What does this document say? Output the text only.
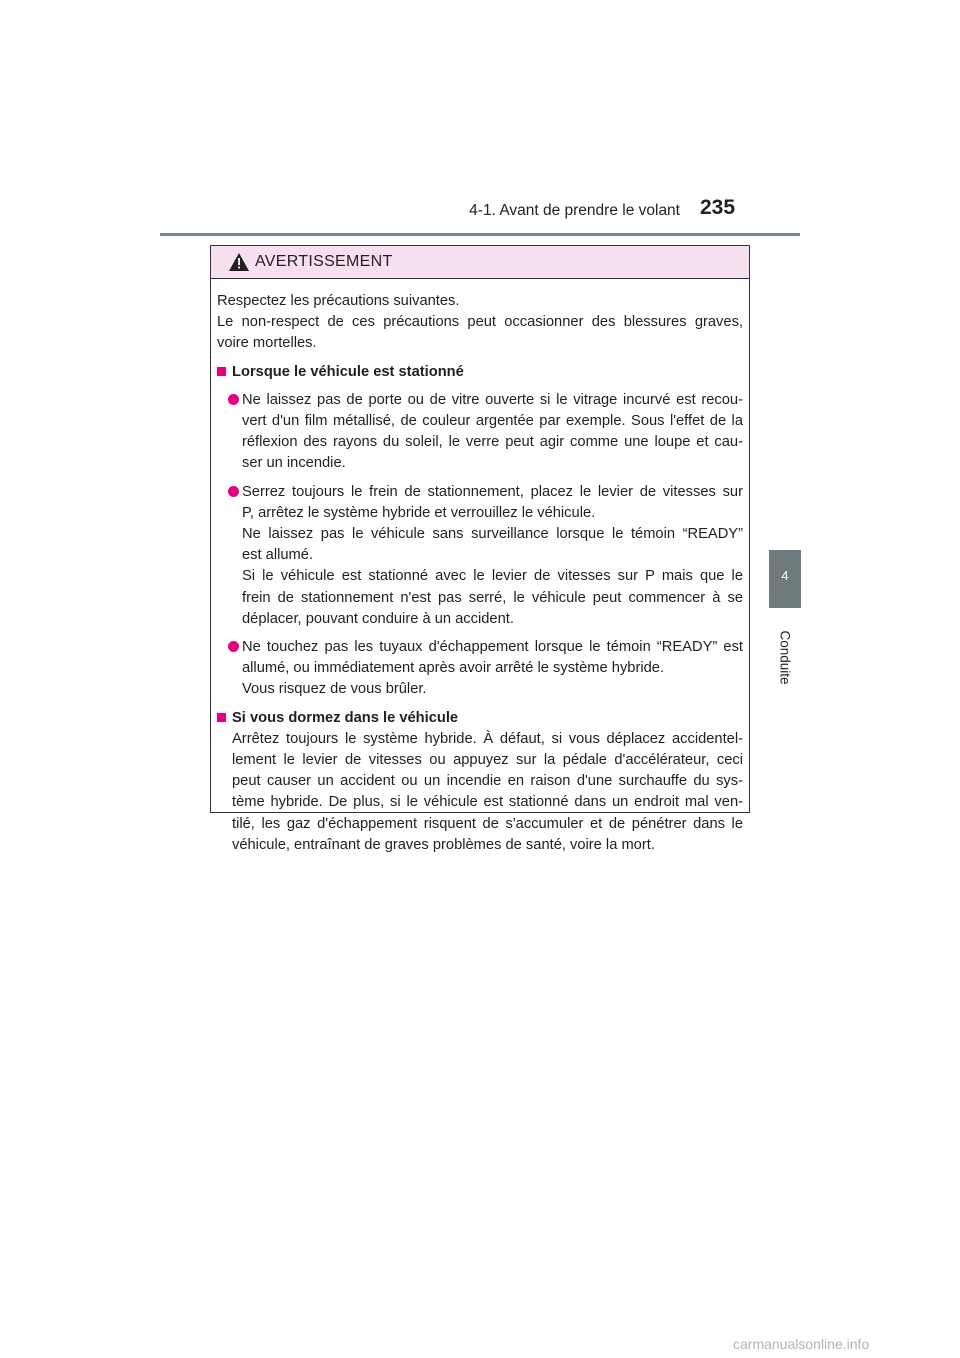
4-1. Avant de prendre le volant 235
4
Conduite
AVERTISSEMENT
Respectez les précautions suivantes.
Le non-respect de ces précautions peut occasionner des blessures graves,
voire mortelles.
Lorsque le véhicule est stationné
Ne laissez pas de porte ou de vitre ouverte si le vitrage incurvé est recou-
vert d'un film métallisé, de couleur argentée par exemple. Sous l'effet de la
réflexion des rayons du soleil, le verre peut agir comme une loupe et cau-
ser un incendie.
Serrez toujours le frein de stationnement, placez le levier de vitesses sur
P, arrêtez le système hybride et verrouillez le véhicule.
Ne laissez pas le véhicule sans surveillance lorsque le témoin “READY”
est allumé.
Si le véhicule est stationné avec le levier de vitesses sur P mais que le
frein de stationnement n'est pas serré, le véhicule peut commencer à se
déplacer, pouvant conduire à un accident.
Ne touchez pas les tuyaux d'échappement lorsque le témoin “READY” est
allumé, ou immédiatement après avoir arrêté le système hybride.
Vous risquez de vous brûler.
Si vous dormez dans le véhicule
Arrêtez toujours le système hybride. À défaut, si vous déplacez accidentel-
lement le levier de vitesses ou appuyez sur la pédale d'accélérateur, ceci
peut causer un accident ou un incendie en raison d'une surchauffe du sys-
tème hybride. De plus, si le véhicule est stationné dans un endroit mal ven-
tilé, les gaz d'échappement risquent de s'accumuler et de pénétrer dans le
véhicule, entraînant de graves problèmes de santé, voire la mort.
carmanualsonline.info
